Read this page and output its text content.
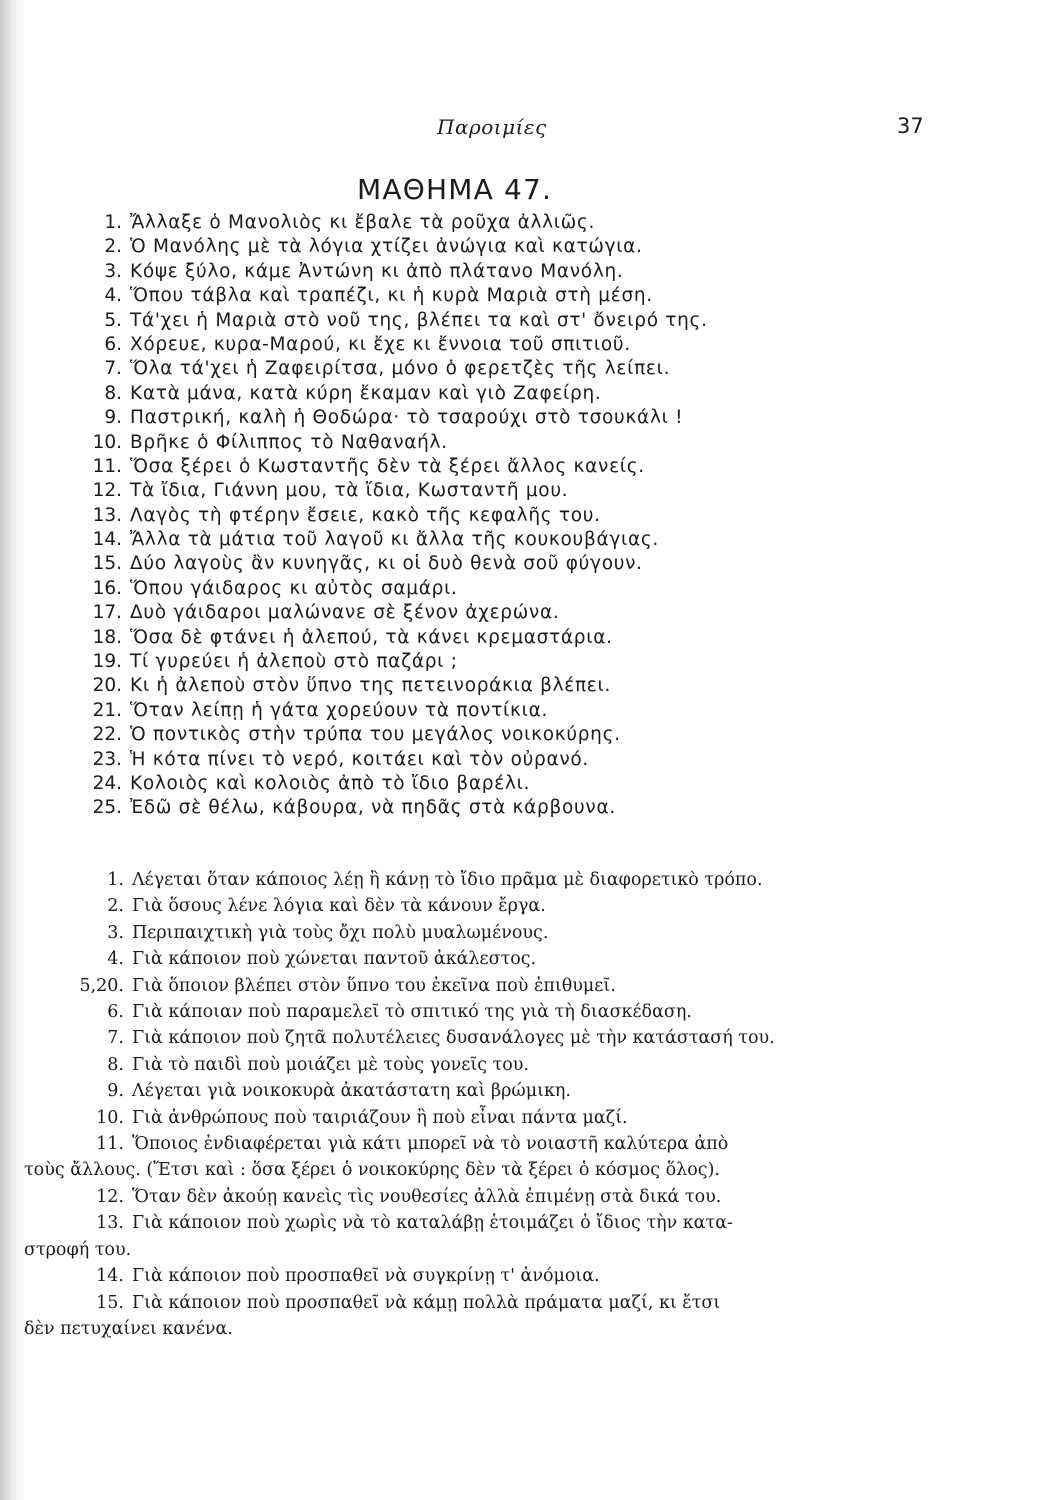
Παροιμίες	37
ΜΑΘΗΜΑ 47.
1. Ἄλλαξε ὁ Μανολιὸς κι ἔβαλε τὰ ροῦχα ἀλλιῶς.
2. Ὁ Μανόλης μὲ τὰ λόγια χτίζει ἀνώγια καὶ κατώγια.
3. Κόψε ξύλο, κάμε Ἀντώνη κι ἀπὸ πλάτανο Μανόλη.
4. Ὅπου τάβλα καὶ τραπέζι, κι ἡ κυρὰ Μαριὰ στὴ μέση.
5. Τά'χει ἡ Μαριὰ στὸ νοῦ της, βλέπει τα καὶ στ' ὄνειρό της.
6. Χόρευε, κυρα-Μαρού, κι ἔχε κι ἔννοια τοῦ σπιτιοῦ.
7. Ὅλα τά'χει ἡ Ζαφειρίτσα, μόνο ὁ φερετζὲς τῆς λείπει.
8. Κατὰ μάνα, κατὰ κύρη ἔκαμαν καὶ γιὸ Ζαφείρη.
9. Παστρική, καλὴ ἡ Θοδώρα· τὸ τσαρούχι στὸ τσουκάλι !
10. Βρῆκε ὁ Φίλιππος τὸ Ναθαναήλ.
11. Ὅσα ξέρει ὁ Κωσταντῆς δὲν τὰ ξέρει ἄλλος κανείς.
12. Τὰ ἴδια, Γιάννη μου, τὰ ἴδια, Κωσταντῆ μου.
13. Λαγὸς τὴ φτέρην ἔσειε, κακὸ τῆς κεφαλῆς του.
14. Ἄλλα τὰ μάτια τοῦ λαγοῦ κι ἄλλα τῆς κουκουβάγιας.
15. Δύο λαγοὺς ἂν κυνηγᾶς, κι οἱ δυὸ θενὰ σοῦ φύγουν.
16. Ὅπου γάιδαρος κι αὐτὸς σαμάρι.
17. Δυὸ γάιδαροι μαλώνανε σὲ ξένον ἀχερώνα.
18. Ὅσα δὲ φτάνει ἡ ἀλεπού, τὰ κάνει κρεμαστάρια.
19. Τί γυρεύει ἡ ἀλεποὺ στὸ παζάρι ;
20. Κι ἡ ἀλεποὺ στὸν ὕπνο της πετεινοράκια βλέπει.
21. Ὅταν λείπῃ ἡ γάτα χορεύουν τὰ ποντίκια.
22. Ὁ ποντικὸς στὴν τρύπα του μεγάλος νοικοκύρης.
23. Ἡ κότα πίνει τὸ νερό, κοιτάει καὶ τὸν οὐρανό.
24. Κολοιὸς καὶ κολοιὸς ἀπὸ τὸ ἴδιο βαρέλι.
25. Ἐδῶ σὲ θέλω, κάβουρα, νὰ πηδᾶς στὰ κάρβουνα.
1. Λέγεται ὅταν κάποιος λέῃ ἢ κάνῃ τὸ ἴδιο πρᾶμα μὲ διαφορετικὸ τρόπο.
2. Γιὰ ὅσους λένε λόγια καὶ δὲν τὰ κάνουν ἔργα.
3. Περιπαιχτικὴ γιὰ τοὺς ὄχι πολὺ μυαλωμένους.
4. Γιὰ κάποιον ποὺ χώνεται παντοῦ ἀκάλεστος.
5,20. Γιὰ ὅποιον βλέπει στὸν ὕπνο του ἐκεῖνα ποὺ ἐπιθυμεῖ.
6. Γιὰ κάποιαν ποὺ παραμελεῖ τὸ σπιτικό της γιὰ τὴ διασκέδαση.
7. Γιὰ κάποιον ποὺ ζητᾶ πολυτέλειες δυσανάλογες μὲ τὴν κατάστασή του.
8. Γιὰ τὸ παιδὶ ποὺ μοιάζει μὲ τοὺς γονεῖς του.
9. Λέγεται γιὰ νοικοκυρὰ ἀκατάστατη καὶ βρώμικη.
10. Γιὰ ἀνθρώπους ποὺ ταιριάζουν ἢ ποὺ εἶναι πάντα μαζί.
11. Ὅποιος ἐνδιαφέρεται γιὰ κάτι μπορεῖ νὰ τὸ νοιαστῆ καλύτερα ἀπὸ
τοὺς ἄλλους. (Ἔτσι καὶ : ὅσα ξέρει ὁ νοικοκύρης δὲν τὰ ξέρει ὁ κόσμος ὅλος).
12. Ὅταν δὲν ἀκούῃ κανεὶς τὶς νουθεσίες ἀλλὰ ἐπιμένῃ στὰ δικά του.
13. Γιὰ κάποιον ποὺ χωρὶς νὰ τὸ καταλάβῃ ἑτοιμάζει ὁ ἴδιος τὴν κατα-
στροφή του.
14. Γιὰ κάποιον ποὺ προσπαθεῖ νὰ συγκρίνῃ τ' ἀνόμοια.
15. Γιὰ κάποιον ποὺ προσπαθεῖ νὰ κάμῃ πολλὰ πράματα μαζί, κι ἔτσι
δὲν πετυχαίνει κανένα.
